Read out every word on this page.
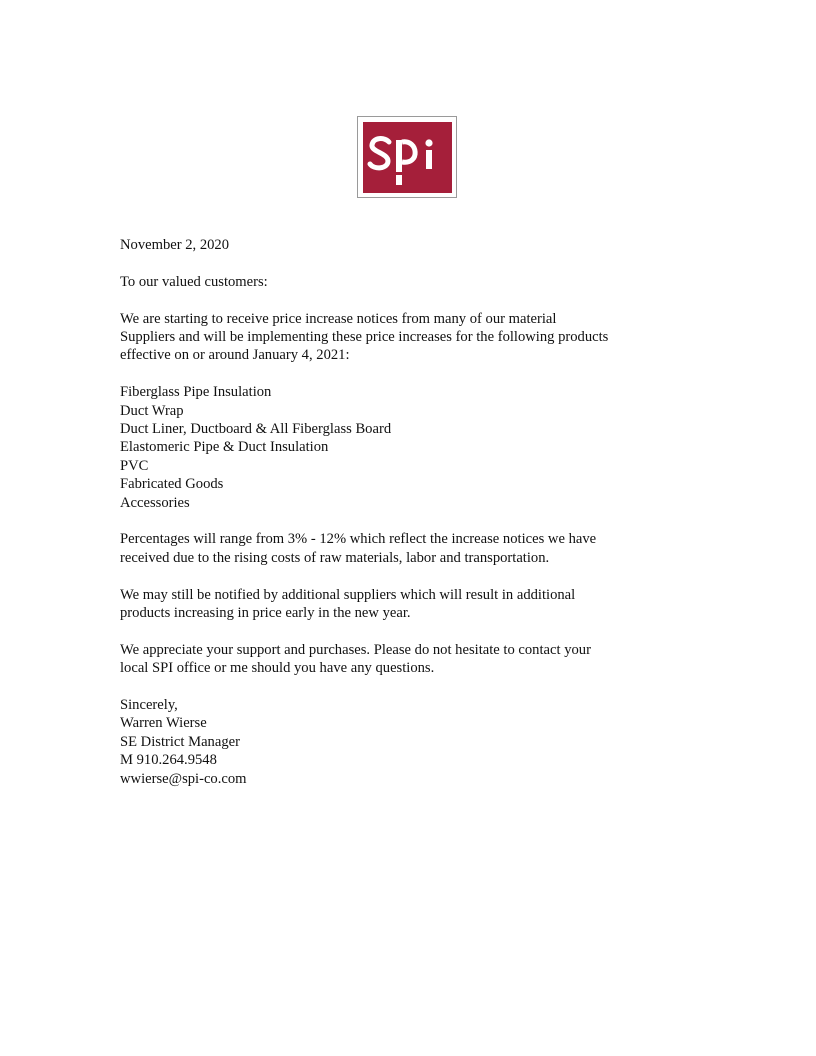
November 2, 2020

To our valued customers:

We are starting to receive price increase notices from many of our material
Suppliers and will be implementing these price increases for the following products
effective on or around January 4, 2021:

Fiberglass Pipe Insulation
Duct Wrap
Duct Liner, Ductboard & All Fiberglass Board
Elastomeric Pipe & Duct Insulation
PVC
Fabricated Goods
Accessories

Percentages will range from 3% - 12% which reflect the increase notices we have
received due to the rising costs of raw materials, labor and transportation.

We may still be notified by additional suppliers which will result in additional
products increasing in price early in the new year.

We appreciate your support and purchases. Please do not hesitate to contact your
local SPI office or me should you have any questions.

Sincerely,
Warren Wierse
SE District Manager
M 910.264.9548
wwierse@spi-co.com
